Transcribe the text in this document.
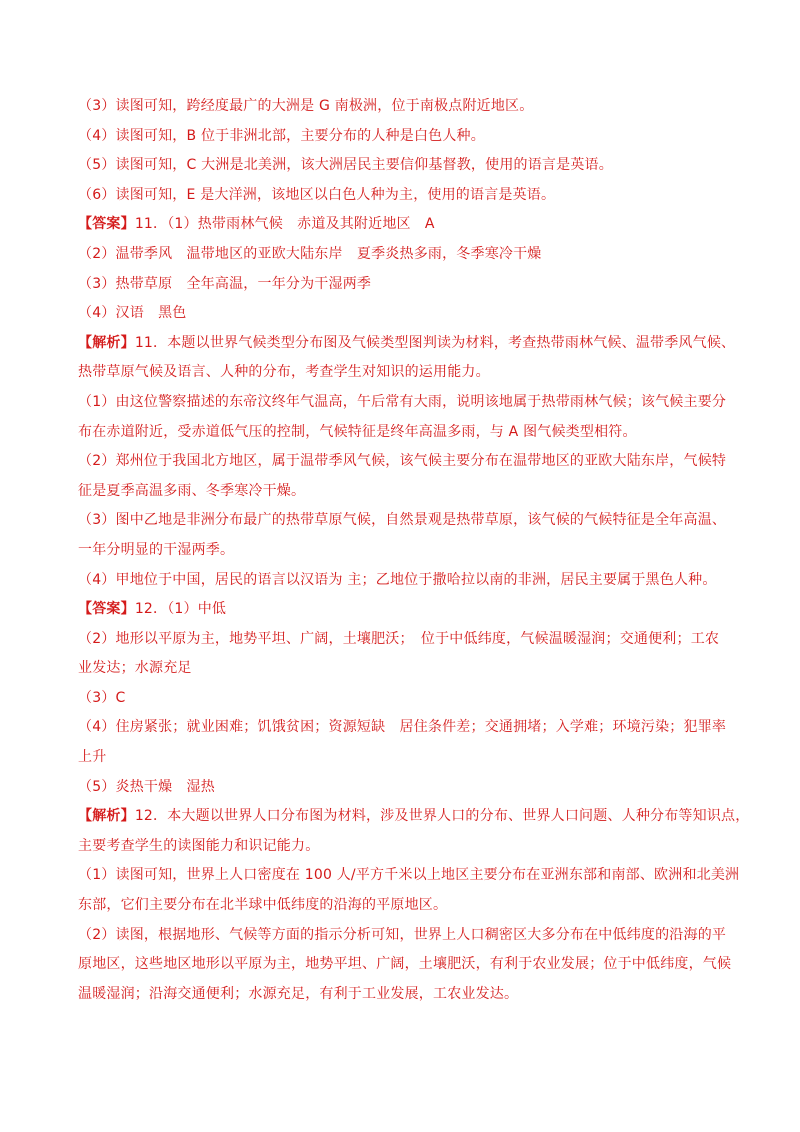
（3）读图可知，跨经度最广的大洲是 G 南极洲，位于南极点附近地区。
（4）读图可知，B 位于非洲北部，主要分布的人种是白色人种。
（5）读图可知，C 大洲是北美洲，该大洲居民主要信仰基督教，使用的语言是英语。
（6）读图可知，E 是大洋洲，该地区以白色人种为主，使用的语言是英语。
【答案】11．（1）热带雨林气候　赤道及其附近地区　A
（2）温带季风　温带地区的亚欧大陆东岸　夏季炎热多雨，冬季寒冷干燥
（3）热带草原　全年高温，一年分为干湿两季
（4）汉语　黑色
【解析】11．本题以世界气候类型分布图及气候类型图判读为材料，考查热带雨林气候、温带季风气候、
热带草原气候及语言、人种的分布，考查学生对知识的运用能力。
（1）由这位警察描述的东帝汶终年气温高，午后常有大雨，说明该地属于热带雨林气候；该气候主要分
布在赤道附近，受赤道低气压的控制，气候特征是终年高温多雨，与 A 图气候类型相符。
（2）郑州位于我国北方地区，属于温带季风气候，该气候主要分布在温带地区的亚欧大陆东岸，气候特
征是夏季高温多雨、冬季寒冷干燥。
（3）图中乙地是非洲分布最广的热带草原气候，自然景观是热带草原，该气候的气候特征是全年高温、
一年分明显的干湿两季。
（4）甲地位于中国，居民的语言以汉语为 主；乙地位于撒哈拉以南的非洲，居民主要属于黑色人种。
【答案】12．（1）中低
（2）地形以平原为主，地势平坦、广阔，土壤肥沃；　位于中低纬度，气候温暖湿润；交通便利；工农
业发达；水源充足
（3）C
（4）住房紧张；就业困难；饥饿贫困；资源短缺　居住条件差；交通拥堵；入学难；环境污染；犯罪率
上升
（5）炎热干燥　湿热
【解析】12．本大题以世界人口分布图为材料，涉及世界人口的分布、世界人口问题、人种分布等知识点，
主要考查学生的读图能力和识记能力。
（1）读图可知，世界上人口密度在 100 人/平方千米以上地区主要分布在亚洲东部和南部、欧洲和北美洲
东部，它们主要分布在北半球中低纬度的沿海的平原地区。
（2）读图，根据地形、气候等方面的指示分析可知，世界上人口稠密区大多分布在中低纬度的沿海的平
原地区，这些地区地形以平原为主，地势平坦、广阔，土壤肥沃，有利于农业发展；位于中低纬度，气候
温暖湿润；沿海交通便利；水源充足，有利于工业发展，工农业发达。
